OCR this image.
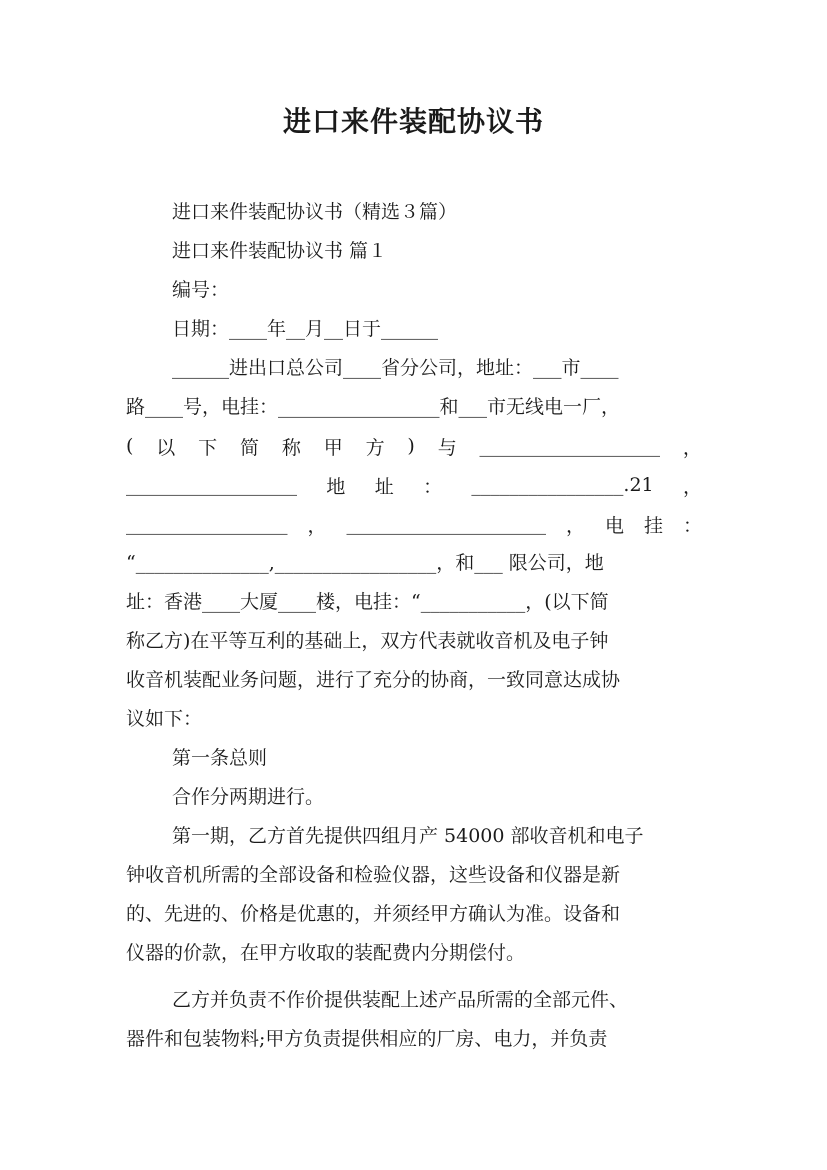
进口来件装配协议书
进口来件装配协议书（精选３篇）
进口来件装配协议书 篇１
编号：
日期：____年__月__日于______
______进出口总公司____省分公司，地址：___市____
路____号，电挂：_________________和___市无线电一厂，
( 以 下 简 称 甲 方 ) 与 ___________________ ，
__________________ 地 址 ： ________________.21 ，
_________________ ， _____________________ ， 电 挂 ：
“______________,_________________，和___ 限公司，地
址：香港____大厦____楼，电挂：“___________，(以下简
称乙方)在平等互利的基础上，双方代表就收音机及电子钟
收音机装配业务问题，进行了充分的协商，一致同意达成协
议如下：
第一条总则
合作分两期进行。
第一期，乙方首先提供四组月产 54000 部收音机和电子
钟收音机所需的全部设备和检验仪器，这些设备和仪器是新
的、先进的、价格是优惠的，并须经甲方确认为准。设备和
仪器的价款，在甲方收取的装配费内分期偿付。
乙方并负责不作价提供装配上述产品所需的全部元件、
器件和包装物料;甲方负责提供相应的厂房、电力，并负责
